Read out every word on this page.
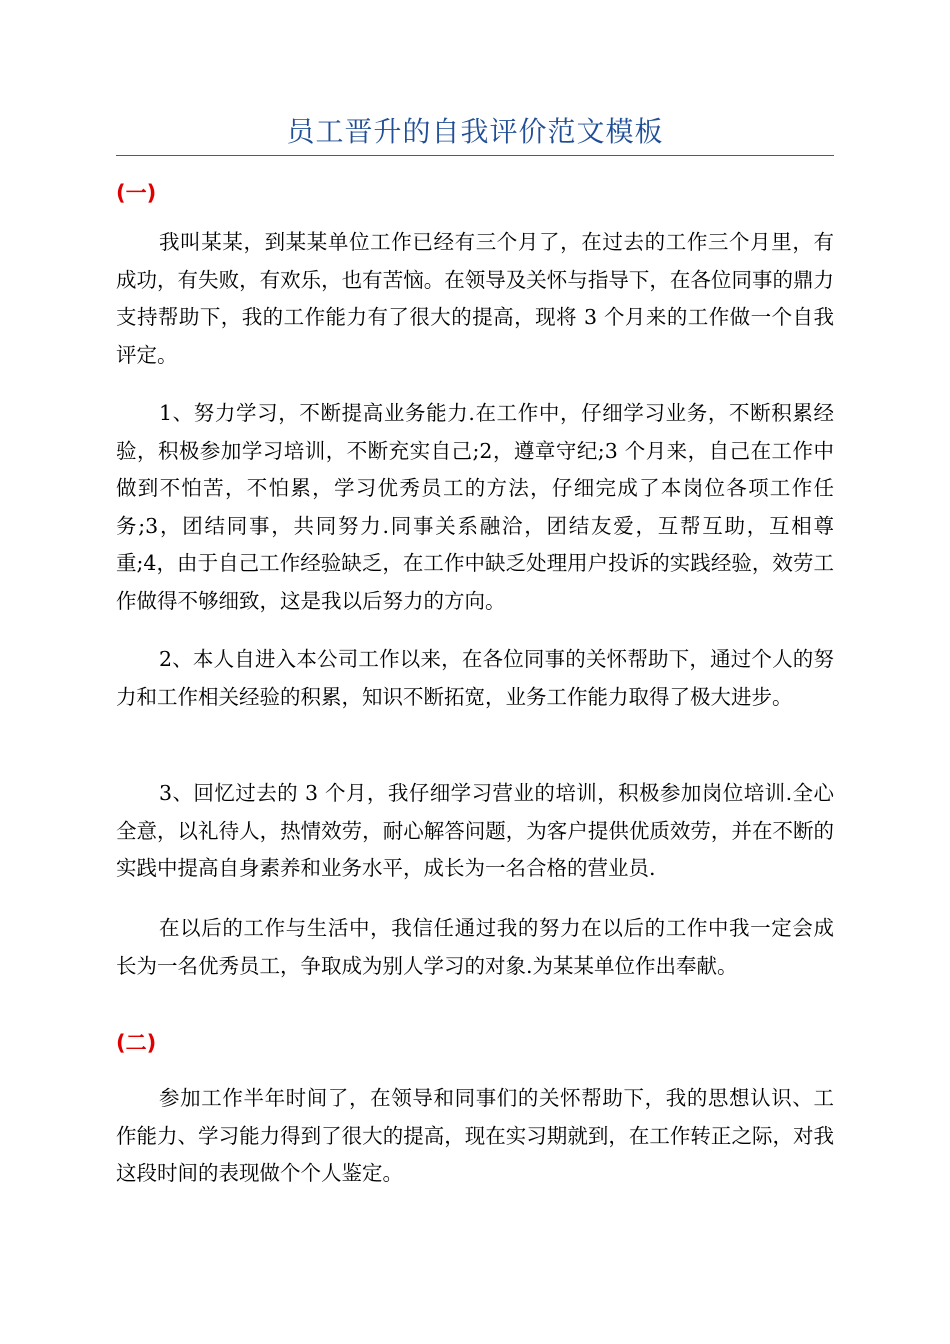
员工晋升的自我评价范文模板
(一)

我叫某某，到某某单位工作已经有三个月了，在过去的工作三个月里，有成功，有失败，有欢乐，也有苦恼。在领导及关怀与指导下，在各位同事的鼎力支持帮助下，我的工作能力有了很大的提高，现将 3 个月来的工作做一个自我评定。

1、努力学习，不断提高业务能力.在工作中，仔细学习业务，不断积累经验，积极参加学习培训，不断充实自己;2，遵章守纪;3 个月来，自己在工作中做到不怕苦，不怕累，学习优秀员工的方法，仔细完成了本岗位各项工作任务;3，团结同事，共同努力.同事关系融洽，团结友爱，互帮互助，互相尊重;4，由于自己工作经验缺乏，在工作中缺乏处理用户投诉的实践经验，效劳工作做得不够细致，这是我以后努力的方向。

2、本人自进入本公司工作以来，在各位同事的关怀帮助下，通过个人的努力和工作相关经验的积累，知识不断拓宽，业务工作能力取得了极大进步。

3、回忆过去的 3 个月，我仔细学习营业的培训，积极参加岗位培训.全心全意，以礼待人，热情效劳，耐心解答问题，为客户提供优质效劳，并在不断的实践中提高自身素养和业务水平，成长为一名合格的营业员.

在以后的工作与生活中，我信任通过我的努力在以后的工作中我一定会成长为一名优秀员工，争取成为别人学习的对象.为某某单位作出奉献。

(二)

参加工作半年时间了，在领导和同事们的关怀帮助下，我的思想认识、工作能力、学习能力得到了很大的提高，现在实习期就到，在工作转正之际，对我这段时间的表现做个个人鉴定。
